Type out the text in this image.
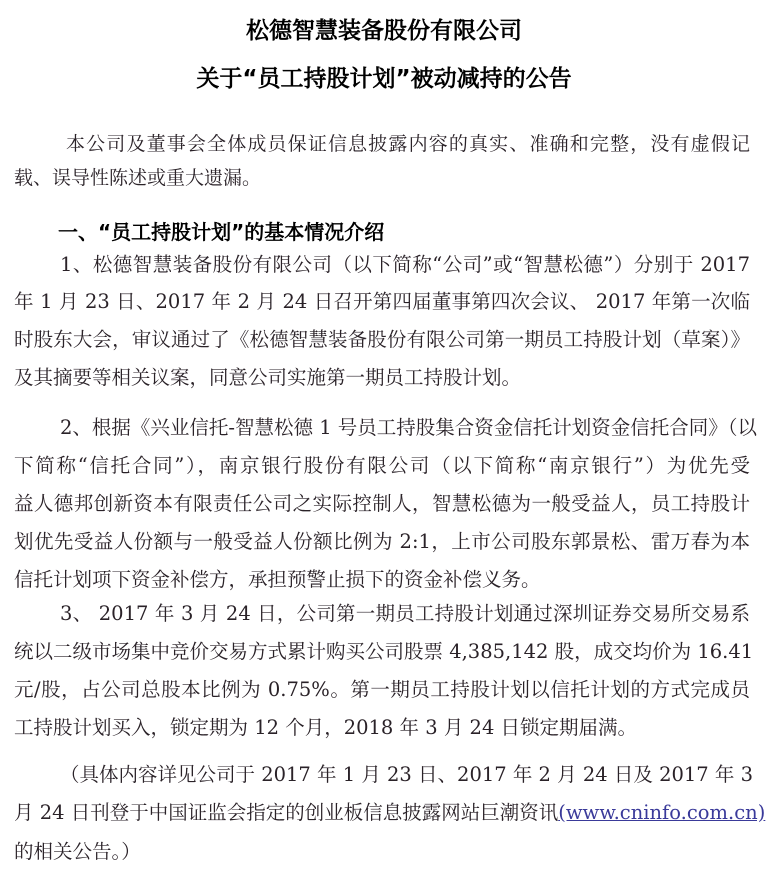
松德智慧装备股份有限公司
关于“员工持股计划”被动减持的公告
本公司及董事会全体成员保证信息披露内容的真实、准确和完整，没有虚假记
载、误导性陈述或重大遗漏。
一、“员工持股计划”的基本情况介绍
1、松德智慧装备股份有限公司（以下简称“公司”或“智慧松德”）分别于 2017
年 1 月 23 日、2017 年 2 月 24 日召开第四届董事第四次会议、 2017 年第一次临
时股东大会，审议通过了《松德智慧装备股份有限公司第一期员工持股计划（草案）》
及其摘要等相关议案，同意公司实施第一期员工持股计划。
2、根据《兴业信托-智慧松德 1 号员工持股集合资金信托计划资金信托合同》（以
下简称“信托合同”），南京银行股份有限公司（以下简称“南京银行”）为优先受
益人德邦创新资本有限责任公司之实际控制人，智慧松德为一般受益人，员工持股计
划优先受益人份额与一般受益人份额比例为 2:1，上市公司股东郭景松、雷万春为本
信托计划项下资金补偿方，承担预警止损下的资金补偿义务。
3、 2017 年 3 月 24 日，公司第一期员工持股计划通过深圳证券交易所交易系
统以二级市场集中竞价交易方式累计购买公司股票 4,385,142 股，成交均价为 16.41
元/股，占公司总股本比例为 0.75%。第一期员工持股计划以信托计划的方式完成员
工持股计划买入，锁定期为 12 个月，2018 年 3 月 24 日锁定期届满。
（具体内容详见公司于 2017 年 1 月 23 日、2017 年 2 月 24 日及 2017 年 3
月 24 日刊登于中国证监会指定的创业板信息披露网站巨潮资讯 (www.cninfo.com.cn)
的相关公告。）
